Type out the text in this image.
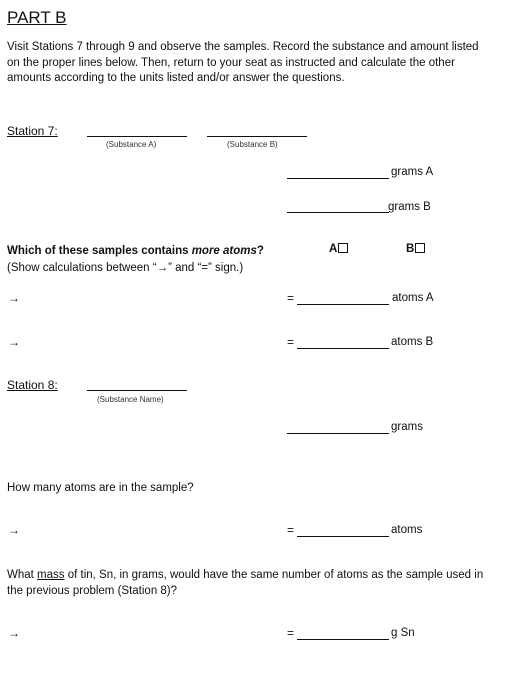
PART B
Visit Stations 7 through 9 and observe the samples. Record the substance and amount listed on the proper lines below. Then, return to your seat as instructed and calculate the other amounts according to the units listed and/or answer the questions.
Station 7:
(Substance A)	(Substance B)
grams A
grams B
Which of these samples contains more atoms?
(Show calculations between “→” and “=” sign.)
A	B
→	=	atoms A
→	=	atoms B
Station 8:
(Substance Name)
grams
How many atoms are in the sample?
→	=	atoms
What mass of tin, Sn, in grams, would have the same number of atoms as the sample used in the previous problem (Station 8)?
→	=	g Sn
